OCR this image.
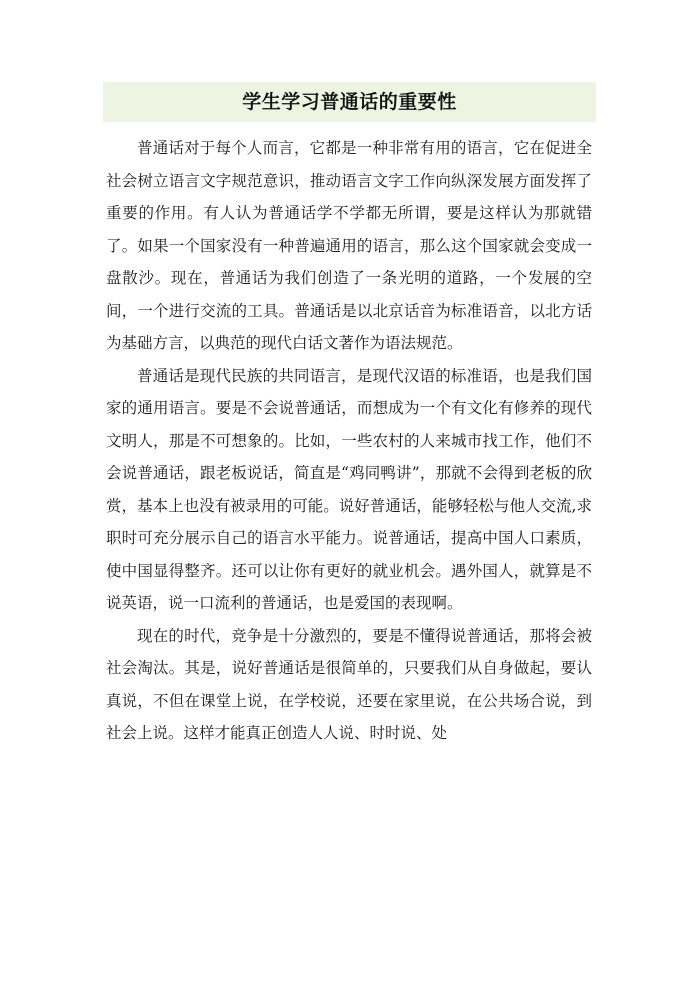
学生学习普通话的重要性

普通话对于每个人而言，它都是一种非常有用的语言，它在促进全社会树立语言文字规范意识，推动语言文字工作向纵深发展方面发挥了重要的作用。有人认为普通话学不学都无所谓，要是这样认为那就错了。如果一个国家没有一种普遍通用的语言，那么这个国家就会变成一盘散沙。现在，普通话为我们创造了一条光明的道路，一个发展的空间，一个进行交流的工具。普通话是以北京话音为标准语音，以北方话为基础方言，以典范的现代白话文著作为语法规范。

普通话是现代民族的共同语言，是现代汉语的标准语，也是我们国家的通用语言。要是不会说普通话，而想成为一个有文化有修养的现代文明人，那是不可想象的。比如，一些农村的人来城市找工作，他们不会说普通话，跟老板说话，简直是“鸡同鸭讲”，那就不会得到老板的欣赏，基本上也没有被录用的可能。说好普通话，能够轻松与他人交流,求职时可充分展示自己的语言水平能力。说普通话，提高中国人口素质，使中国显得整齐。还可以让你有更好的就业机会。遇外国人，就算是不说英语，说一口流利的普通话，也是爱国的表现啊。

现在的时代，竞争是十分激烈的，要是不懂得说普通话，那将会被社会淘汰。其是，说好普通话是很简单的，只要我们从自身做起，要认真说，不但在课堂上说，在学校说，还要在家里说，在公共场合说，到社会上说。这样才能真正创造人人说、时时说、处
